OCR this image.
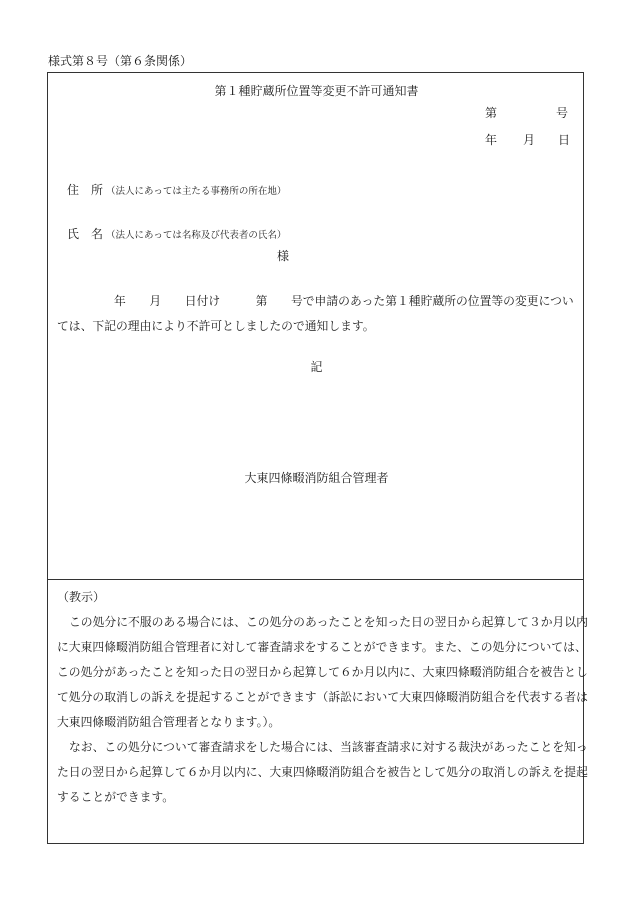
様式第８号（第６条関係）
第１種貯蔵所位置等変更不許可通知書
第	号
年 月 日
住　所 （法人にあっては主たる事務所の所在地）
氏　名 （法人にあっては名称及び代表者の氏名）
様
年　　月　　日付け　　　第　　号で申請のあった第１種貯蔵所の位置等の変更につい
ては、下記の理由により不許可としましたので通知します。
記
大東四條畷消防組合管理者
（教示）
この処分に不服のある場合には、この処分のあったことを知った日の翌日から起算して３か月以内
に大東四條畷消防組合管理者に対して審査請求をすることができます。また、この処分については、
この処分があったことを知った日の翌日から起算して６か月以内に、大東四條畷消防組合を被告とし
て処分の取消しの訴えを提起することができます（訴訟において大東四條畷消防組合を代表する者は
大東四條畷消防組合管理者となります。）。
なお、この処分について審査請求をした場合には、当該審査請求に対する裁決があったことを知っ
た日の翌日から起算して６か月以内に、大東四條畷消防組合を被告として処分の取消しの訴えを提起
することができます。
